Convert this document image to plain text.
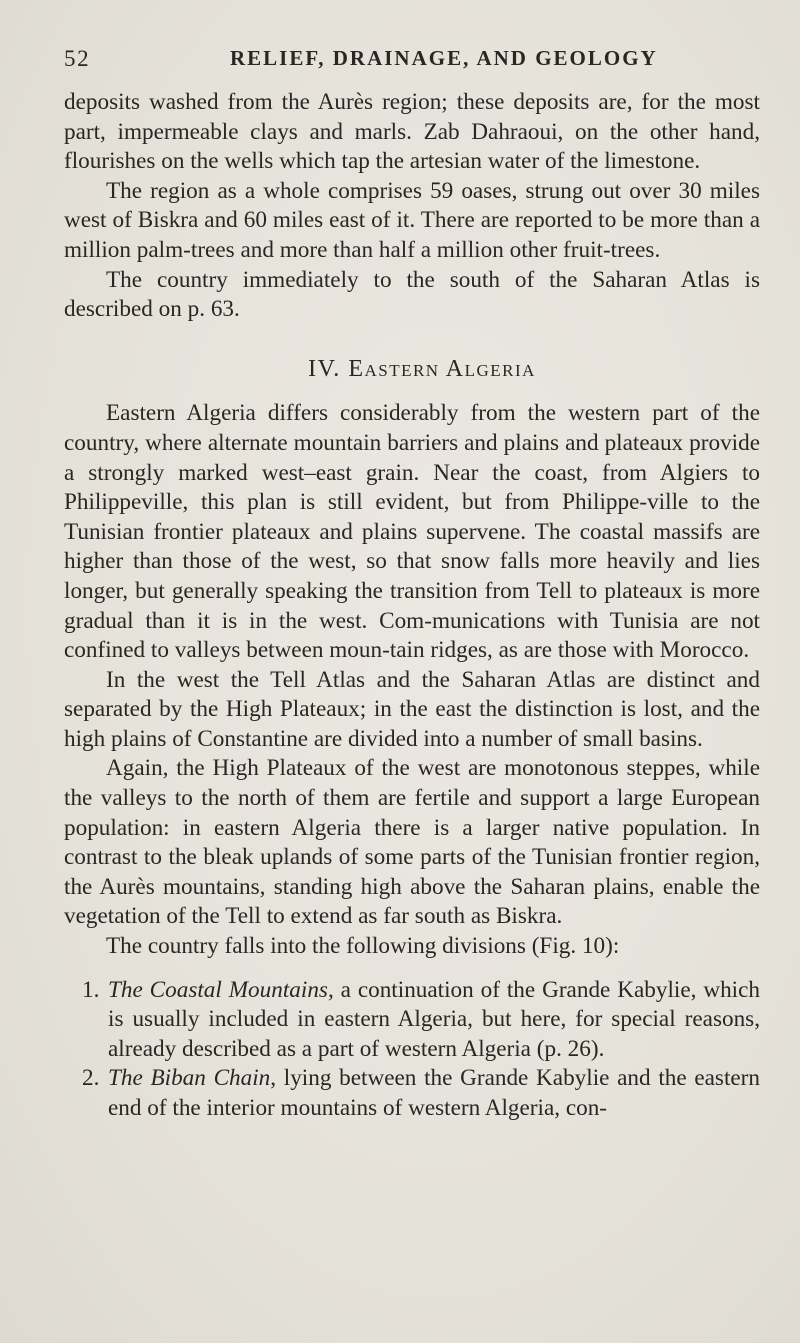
52	RELIEF, DRAINAGE, AND GEOLOGY

deposits washed from the Aurès region; these deposits are, for the most part, impermeable clays and marls. Zab Dahraoui, on the other hand, flourishes on the wells which tap the artesian water of the limestone.

The region as a whole comprises 59 oases, strung out over 30 miles west of Biskra and 60 miles east of it. There are reported to be more than a million palm-trees and more than half a million other fruit-trees.

The country immediately to the south of the Saharan Atlas is described on p. 63.

IV. Eastern Algeria

Eastern Algeria differs considerably from the western part of the country, where alternate mountain barriers and plains and plateaux provide a strongly marked west–east grain. Near the coast, from Algiers to Philippeville, this plan is still evident, but from Philippe-ville to the Tunisian frontier plateaux and plains supervene. The coastal massifs are higher than those of the west, so that snow falls more heavily and lies longer, but generally speaking the transition from Tell to plateaux is more gradual than it is in the west. Com-munications with Tunisia are not confined to valleys between moun-tain ridges, as are those with Morocco.

In the west the Tell Atlas and the Saharan Atlas are distinct and separated by the High Plateaux; in the east the distinction is lost, and the high plains of Constantine are divided into a number of small basins.

Again, the High Plateaux of the west are monotonous steppes, while the valleys to the north of them are fertile and support a large European population: in eastern Algeria there is a larger native population. In contrast to the bleak uplands of some parts of the Tunisian frontier region, the Aurès mountains, standing high above the Saharan plains, enable the vegetation of the Tell to extend as far south as Biskra.

The country falls into the following divisions (Fig. 10):

1. The Coastal Mountains, a continuation of the Grande Kabylie, which is usually included in eastern Algeria, but here, for special reasons, already described as a part of western Algeria (p. 26).

2. The Biban Chain, lying between the Grande Kabylie and the eastern end of the interior mountains of western Algeria, con-
